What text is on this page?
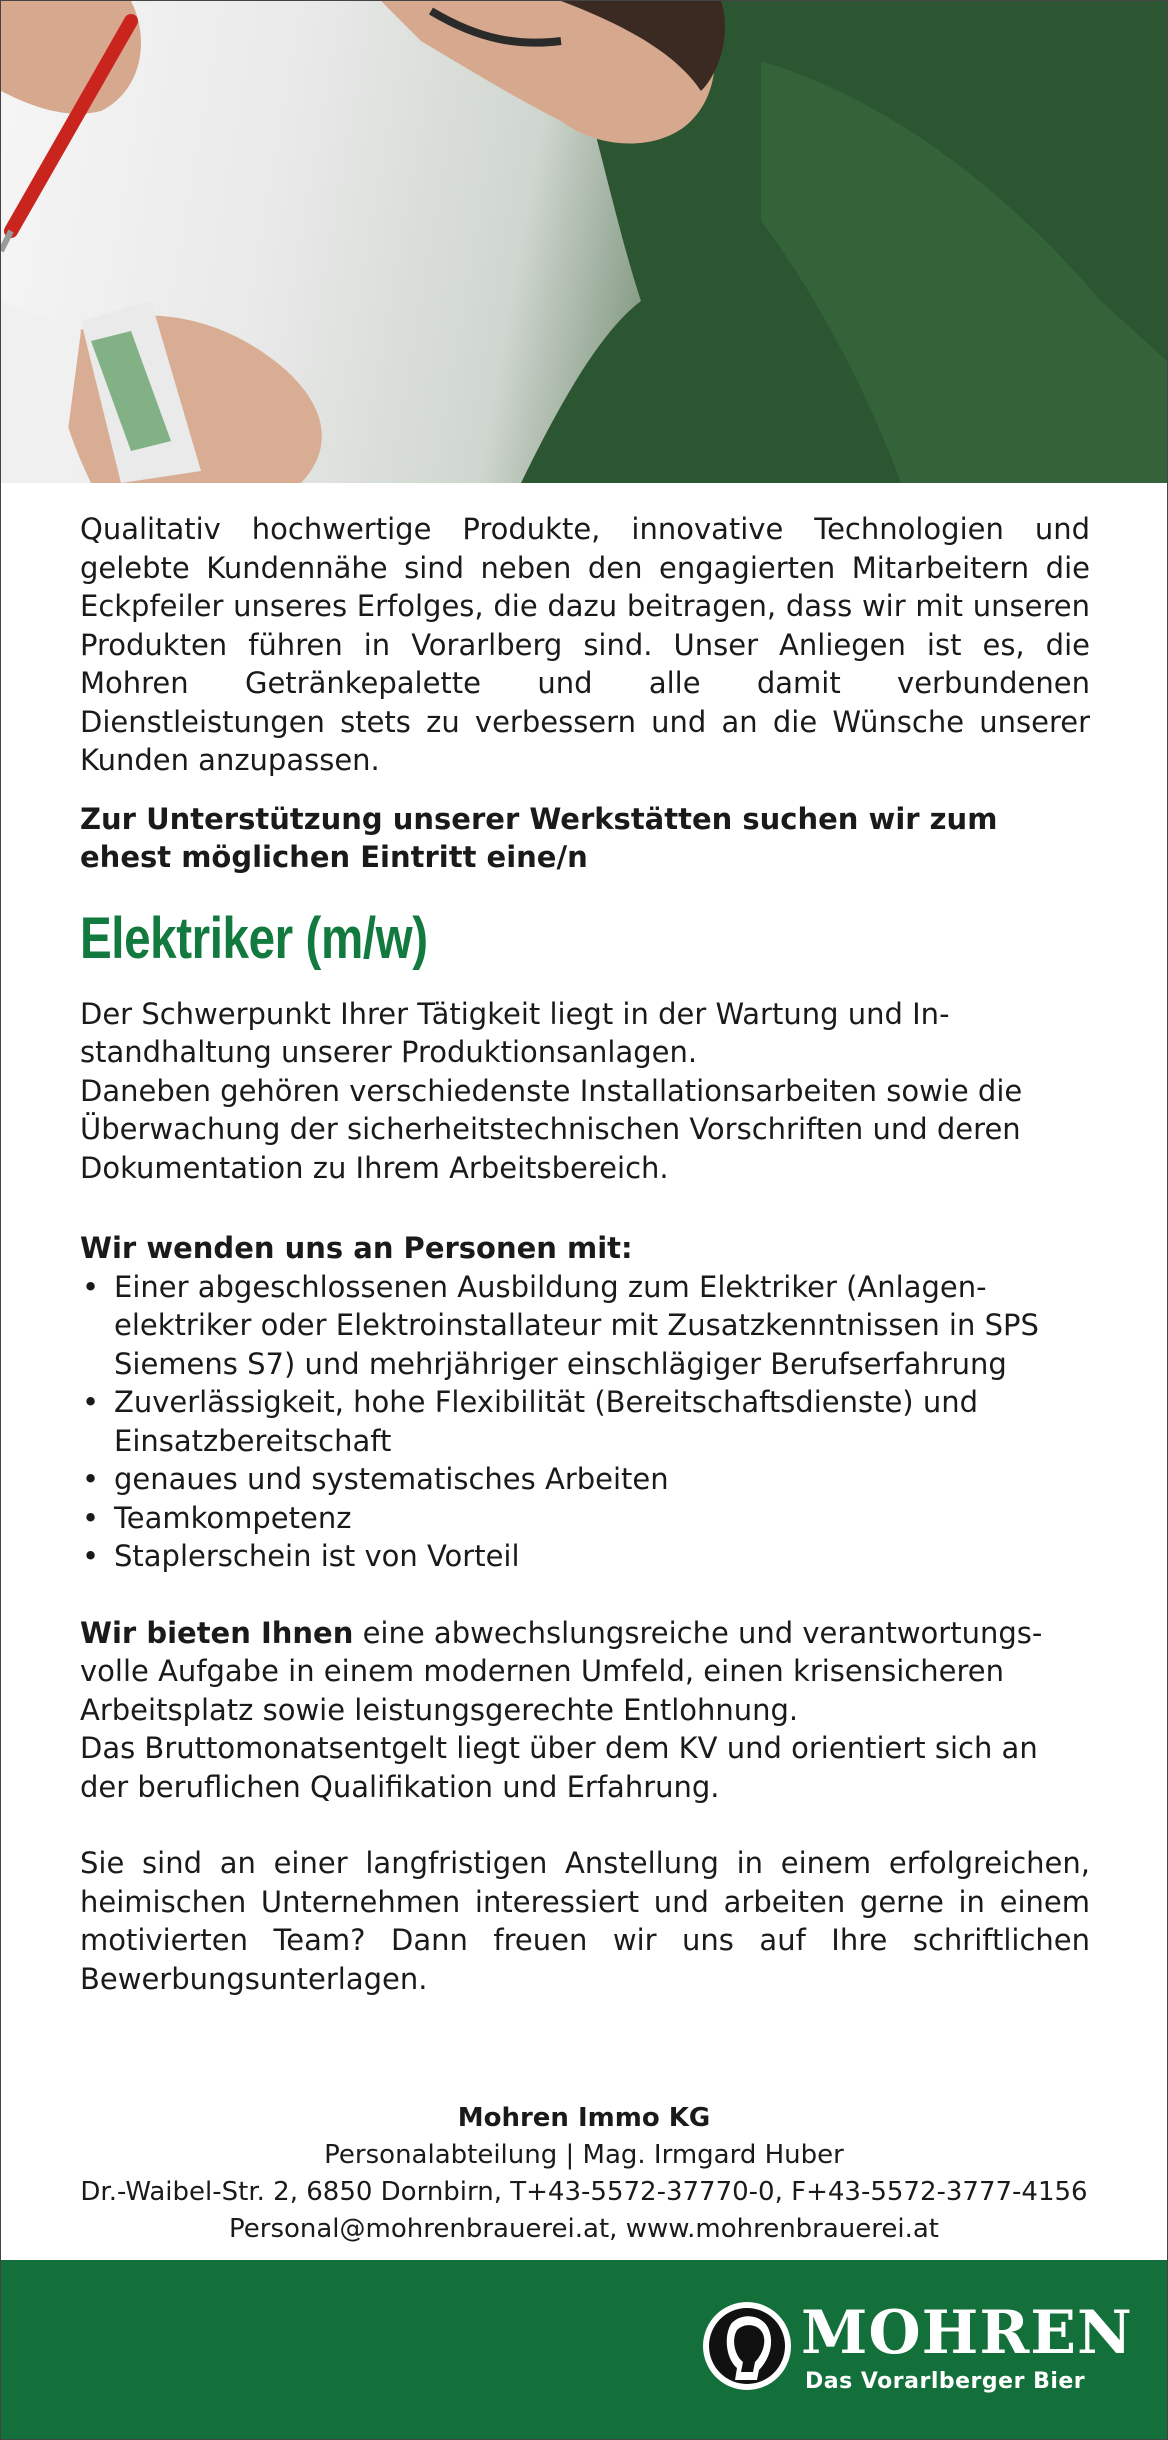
Qualitativ hochwertige Produkte, innovative Technologien und gelebte Kundennähe sind neben den engagierten Mitarbeitern die Eckpfeiler unseres Erfolges, die dazu beitragen, dass wir mit unseren Produkten führen in Vorarlberg sind. Unser Anliegen ist es, die Mohren Getränkepalette und alle damit verbundenen Dienstleistungen stets zu verbessern und an die Wünsche unserer Kunden anzupassen.

Zur Unterstützung unserer Werkstätten suchen wir zum ehest möglichen Eintritt eine/n

Elektriker (m/w)

Der Schwerpunkt Ihrer Tätigkeit liegt in der Wartung und Instandhaltung unserer Produktionsanlagen.

Daneben gehören verschiedenste Installationsarbeiten sowie die Überwachung der sicherheitstechnischen Vorschriften und deren Dokumentation zu Ihrem Arbeitsbereich.

Wir wenden uns an Personen mit:

• Einer abgeschlossenen Ausbildung zum Elektriker (Anlagenelektriker oder Elektroinstallateur mit Zusatzkenntnissen in SPS Siemens S7) und mehrjähriger einschlägiger Berufserfahrung
• Zuverlässigkeit, hohe Flexibilität (Bereitschaftsdienste) und Einsatzbereitschaft
• genaues und systematisches Arbeiten
• Teamkompetenz
• Staplerschein ist von Vorteil

Wir bieten Ihnen eine abwechslungsreiche und verantwortungsvolle Aufgabe in einem modernen Umfeld, einen krisensicheren Arbeitsplatz sowie leistungsgerechte Entlohnung.

Das Bruttomonatsentgelt liegt über dem KV und orientiert sich an der beruflichen Qualifikation und Erfahrung.

Sie sind an einer langfristigen Anstellung in einem erfolgreichen, heimischen Unternehmen interessiert und arbeiten gerne in einem motivierten Team? Dann freuen wir uns auf Ihre schriftlichen Bewerbungsunterlagen.

Mohren Immo KG
Personalabteilung | Mag. Irmgard Huber
Dr.-Waibel-Str. 2, 6850 Dornbirn, T+43-5572-37770-0, F+43-5572-3777-4156
Personal@mohrenbrauerei.at, www.mohrenbrauerei.at
MOHREN
Das Vorarlberger Bier
